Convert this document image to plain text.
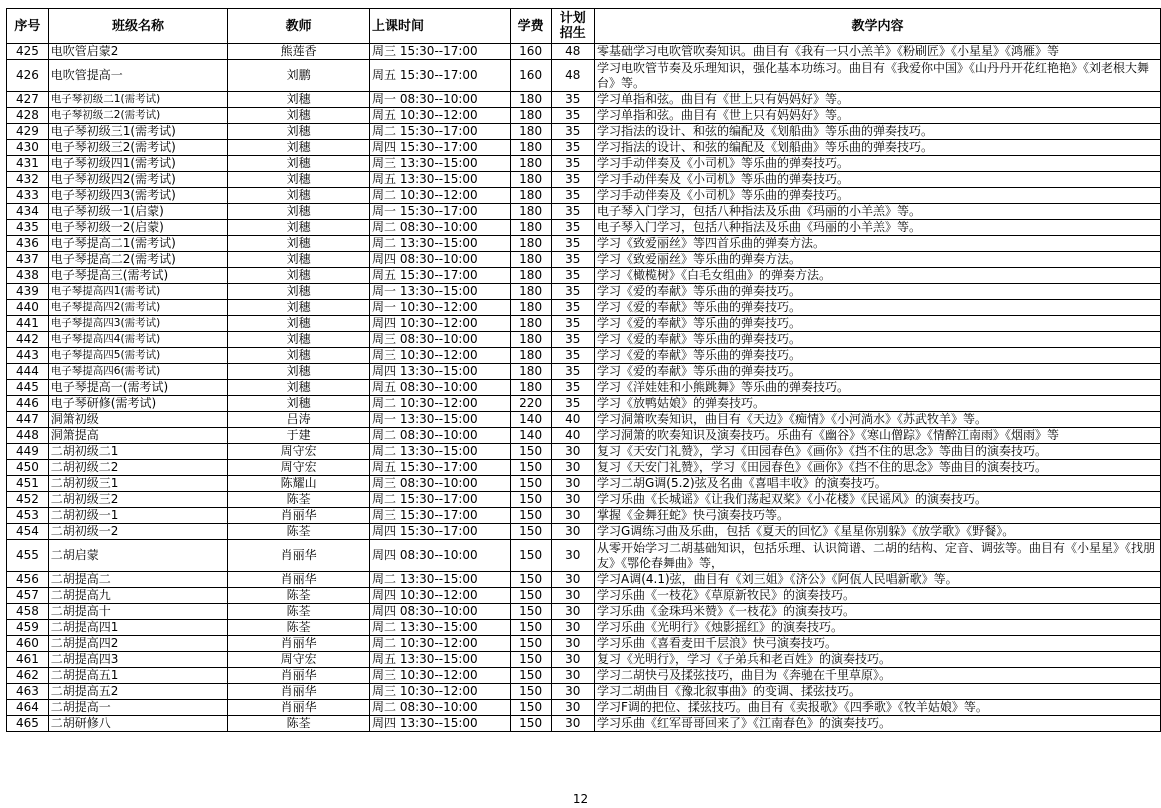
序号	班级名称	教师	上课时间	学费	计划招生	教学内容
425	电吹管启蒙2	熊莲香	周三 15:30--17:00	160	48	零基础学习电吹管吹奏知识。曲目有《我有一只小羔羊》《粉刷匠》《小星星》《鸿雁》等
426	电吹管提高一	刘鹏	周五 15:30--17:00	160	48	学习电吹管节奏及乐理知识，强化基本功练习。曲目有《我爱你中国》《山丹丹开花红艳艳》《刘老根大舞台》等。
427	电子琴初级二1(需考试)	刘穗	周一 08:30--10:00	180	35	学习单指和弦。曲目有《世上只有妈妈好》等。
428	电子琴初级二2(需考试)	刘穗	周五 10:30--12:00	180	35	学习单指和弦。曲目有《世上只有妈妈好》等。
429	电子琴初级三1(需考试)	刘穗	周二 15:30--17:00	180	35	学习指法的设计、和弦的编配及《划船曲》等乐曲的弹奏技巧。
430	电子琴初级三2(需考试)	刘穗	周四 15:30--17:00	180	35	学习指法的设计、和弦的编配及《划船曲》等乐曲的弹奏技巧。
431	电子琴初级四1(需考试)	刘穗	周三 13:30--15:00	180	35	学习手动伴奏及《小司机》等乐曲的弹奏技巧。
432	电子琴初级四2(需考试)	刘穗	周五 13:30--15:00	180	35	学习手动伴奏及《小司机》等乐曲的弹奏技巧。
433	电子琴初级四3(需考试)	刘穗	周二 10:30--12:00	180	35	学习手动伴奏及《小司机》等乐曲的弹奏技巧。
434	电子琴初级一1(启蒙)	刘穗	周一 15:30--17:00	180	35	电子琴入门学习，包括八种指法及乐曲《玛丽的小羊羔》等。
435	电子琴初级一2(启蒙)	刘穗	周二 08:30--10:00	180	35	电子琴入门学习，包括八种指法及乐曲《玛丽的小羊羔》等。
436	电子琴提高二1(需考试)	刘穗	周二 13:30--15:00	180	35	学习《致爱丽丝》等四首乐曲的弹奏方法。
437	电子琴提高二2(需考试)	刘穗	周四 08:30--10:00	180	35	学习《致爱丽丝》等乐曲的弹奏方法。
438	电子琴提高三(需考试)	刘穗	周五 15:30--17:00	180	35	学习《橄榄树》《白毛女组曲》的弹奏方法。
439	电子琴提高四1(需考试)	刘穗	周一 13:30--15:00	180	35	学习《爱的奉献》等乐曲的弹奏技巧。
440	电子琴提高四2(需考试)	刘穗	周一 10:30--12:00	180	35	学习《爱的奉献》等乐曲的弹奏技巧。
441	电子琴提高四3(需考试)	刘穗	周四 10:30--12:00	180	35	学习《爱的奉献》等乐曲的弹奏技巧。
442	电子琴提高四4(需考试)	刘穗	周三 08:30--10:00	180	35	学习《爱的奉献》等乐曲的弹奏技巧。
443	电子琴提高四5(需考试)	刘穗	周三 10:30--12:00	180	35	学习《爱的奉献》等乐曲的弹奏技巧。
444	电子琴提高四6(需考试)	刘穗	周四 13:30--15:00	180	35	学习《爱的奉献》等乐曲的弹奏技巧。
445	电子琴提高一(需考试)	刘穗	周五 08:30--10:00	180	35	学习《洋娃娃和小熊跳舞》等乐曲的弹奏技巧。
446	电子琴研修(需考试)	刘穗	周二 10:30--12:00	220	35	学习《放鸭姑娘》的弹奏技巧。
447	洞箫初级	吕涛	周一 13:30--15:00	140	40	学习洞箫吹奏知识，曲目有《天边》《痴情》《小河淌水》《苏武牧羊》等。
448	洞箫提高	于建	周二 08:30--10:00	140	40	学习洞箫的吹奏知识及演奏技巧。乐曲有《幽谷》《寒山僧踪》《情醉江南雨》《烟雨》等
449	二胡初级二1	周守宏	周二 13:30--15:00	150	30	复习《天安门礼赞》，学习《田园春色》《画你》《挡不住的思念》等曲目的演奏技巧。
450	二胡初级二2	周守宏	周五 15:30--17:00	150	30	复习《天安门礼赞》，学习《田园春色》《画你》《挡不住的思念》等曲目的演奏技巧。
451	二胡初级三1	陈耀山	周三 08:30--10:00	150	30	学习二胡G调(5.2)弦及名曲《喜唱丰收》的演奏技巧。
452	二胡初级三2	陈荃	周二 15:30--17:00	150	30	学习乐曲《长城谣》《让我们荡起双桨》《小花楼》《民谣风》的演奏技巧。
453	二胡初级一1	肖丽华	周三 15:30--17:00	150	30	掌握《金舞狂蛇》快弓演奏技巧等。
454	二胡初级一2	陈荃	周四 15:30--17:00	150	30	学习G调练习曲及乐曲，包括《夏天的回忆》《星星你别躲》《放学歌》《野餐》。
455	二胡启蒙	肖丽华	周四 08:30--10:00	150	30	从零开始学习二胡基础知识，包括乐理、认识简谱、二胡的结构、定音、调弦等。曲目有《小星星》《找朋友》《鄂伦春舞曲》等，
456	二胡提高二	肖丽华	周二 13:30--15:00	150	30	学习A调(4.1)弦，曲目有《刘三姐》《济公》《阿佤人民唱新歌》等。
457	二胡提高九	陈荃	周四 10:30--12:00	150	30	学习乐曲《一枝花》《草原新牧民》的演奏技巧。
458	二胡提高十	陈荃	周四 08:30--10:00	150	30	学习乐曲《金珠玛米赞》《一枝花》的演奏技巧。
459	二胡提高四1	陈荃	周二 13:30--15:00	150	30	学习乐曲《光明行》《烛影摇红》的演奏技巧。
460	二胡提高四2	肖丽华	周二 10:30--12:00	150	30	学习乐曲《喜看麦田千层浪》快弓演奏技巧。
461	二胡提高四3	周守宏	周五 13:30--15:00	150	30	复习《光明行》，学习《子弟兵和老百姓》的演奏技巧。
462	二胡提高五1	肖丽华	周三 10:30--12:00	150	30	学习二胡快弓及揉弦技巧，曲目为《奔驰在千里草原》。
463	二胡提高五2	肖丽华	周三 10:30--12:00	150	30	学习二胡曲目《豫北叙事曲》的变调、揉弦技巧。
464	二胡提高一	肖丽华	周二 08:30--10:00	150	30	学习F调的把位、揉弦技巧。曲目有《卖报歌》《四季歌》《牧羊姑娘》等。
465	二胡研修八	陈荃	周四 13:30--15:00	150	30	学习乐曲《红军哥哥回来了》《江南春色》的演奏技巧。
12
